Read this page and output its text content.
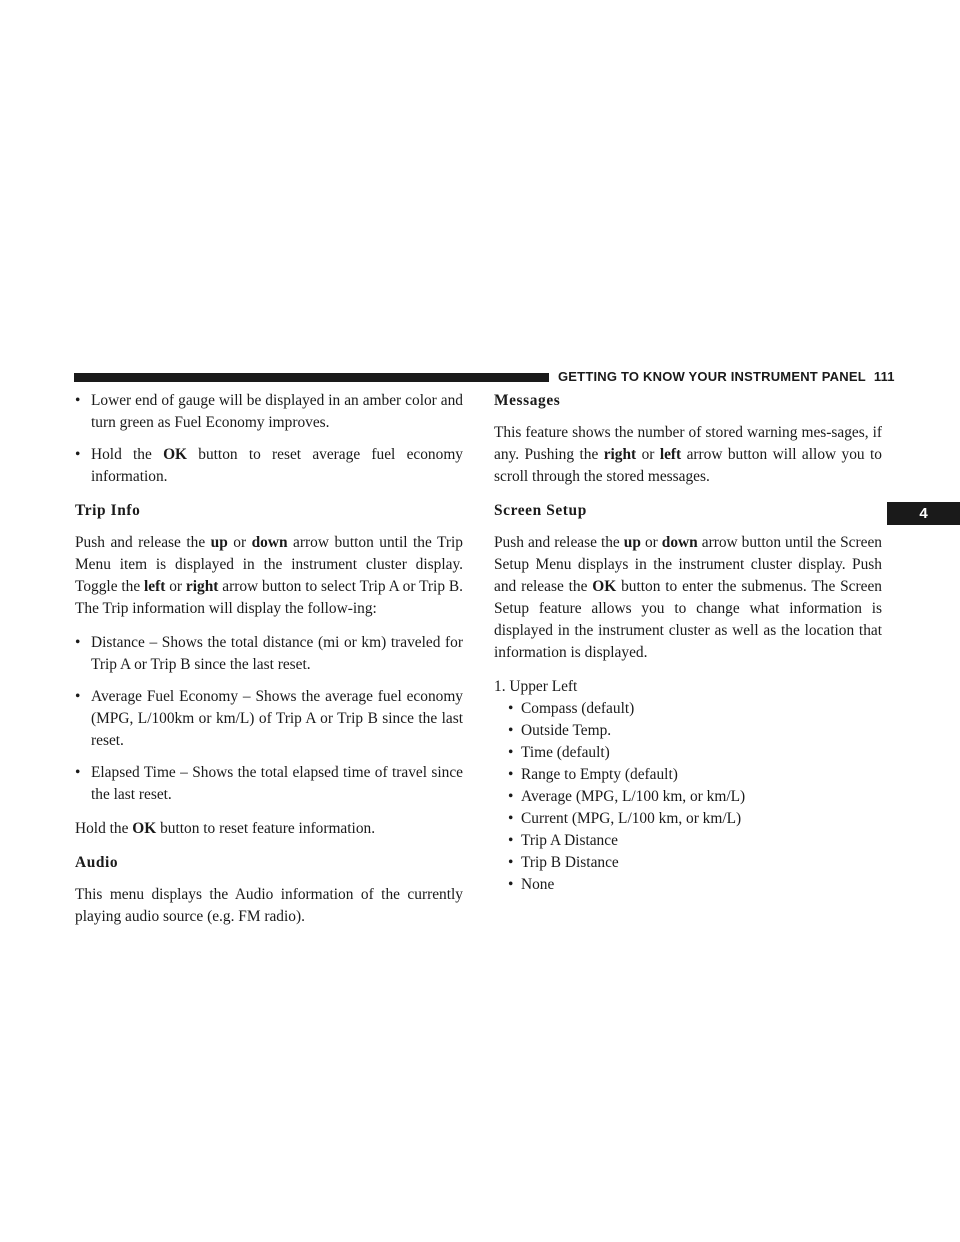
GETTING TO KNOW YOUR INSTRUMENT PANEL 111
4
• Lower end of gauge will be displayed in an amber color and turn green as Fuel Economy improves.
• Hold the OK button to reset average fuel economy information.
Trip Info

Push and release the up or down arrow button until the Trip Menu item is displayed in the instrument cluster display. Toggle the left or right arrow button to select Trip A or Trip B. The Trip information will display the follow-ing:

• Distance – Shows the total distance (mi or km) traveled for Trip A or Trip B since the last reset.
• Average Fuel Economy – Shows the average fuel economy (MPG, L/100km or km/L) of Trip A or Trip B since the last reset.
• Elapsed Time – Shows the total elapsed time of travel since the last reset.

Hold the OK button to reset feature information.

Audio

This menu displays the Audio information of the currently playing audio source (e.g. FM radio).

Messages

This feature shows the number of stored warning mes-sages, if any. Pushing the right or left arrow button will allow you to scroll through the stored messages.

Screen Setup

Push and release the up or down arrow button until the Screen Setup Menu displays in the instrument cluster display. Push and release the OK button to enter the submenus. The Screen Setup feature allows you to change what information is displayed in the instrument cluster as well as the location that information is displayed.

1. Upper Left
• Compass (default)
• Outside Temp.
• Time (default)
• Range to Empty (default)
• Average (MPG, L/100 km, or km/L)
• Current (MPG, L/100 km, or km/L)
• Trip A Distance
• Trip B Distance
• None
